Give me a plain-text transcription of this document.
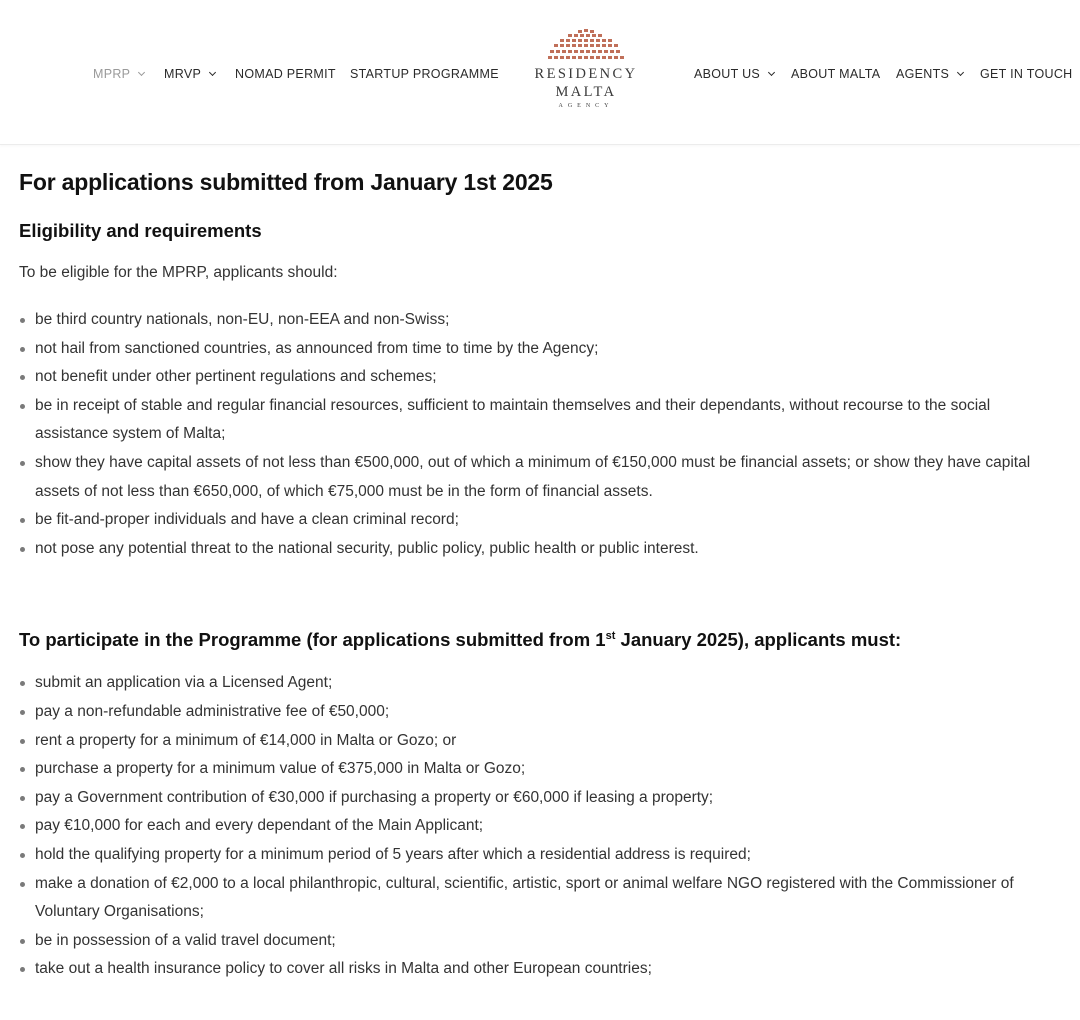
MPRP	MRVP	NOMAD PERMIT STARTUP PROGRAMME	RESIDENCY
MALTA
AGENCY
ABOUT US ABOUT MALTA AGENTS GET IN TOUCH
For applications submitted from January 1st 2025
Eligibility and requirements

To be eligible for the MPRP, applicants should:

be third country nationals, non-EU, non-EEA and non-Swiss;
not hail from sanctioned countries, as announced from time to time by the Agency;
not benefit under other pertinent regulations and schemes;
be in receipt of stable and regular financial resources, sufficient to maintain themselves and their dependants, without recourse to the social assistance system of Malta;
show they have capital assets of not less than €500,000, out of which a minimum of €150,000 must be financial assets; or show they have capital assets of not less than €650,000, of which €75,000 must be in the form of financial assets.
be fit-and-proper individuals and have a clean criminal record;
not pose any potential threat to the national security, public policy, public health or public interest.
To participate in the Programme (for applications submitted from 1st January 2025), applicants must:
submit an application via a Licensed Agent;
pay a non-refundable administrative fee of €50,000;
rent a property for a minimum of €14,000 in Malta or Gozo; or
purchase a property for a minimum value of €375,000 in Malta or Gozo;
pay a Government contribution of €30,000 if purchasing a property or €60,000 if leasing a property;
pay €10,000 for each and every dependant of the Main Applicant;
hold the qualifying property for a minimum period of 5 years after which a residential address is required;
make a donation of €2,000 to a local philanthropic, cultural, scientific, artistic, sport or animal welfare NGO registered with the Commissioner of Voluntary Organisations;
be in possession of a valid travel document;
take out a health insurance policy to cover all risks in Malta and other European countries;
